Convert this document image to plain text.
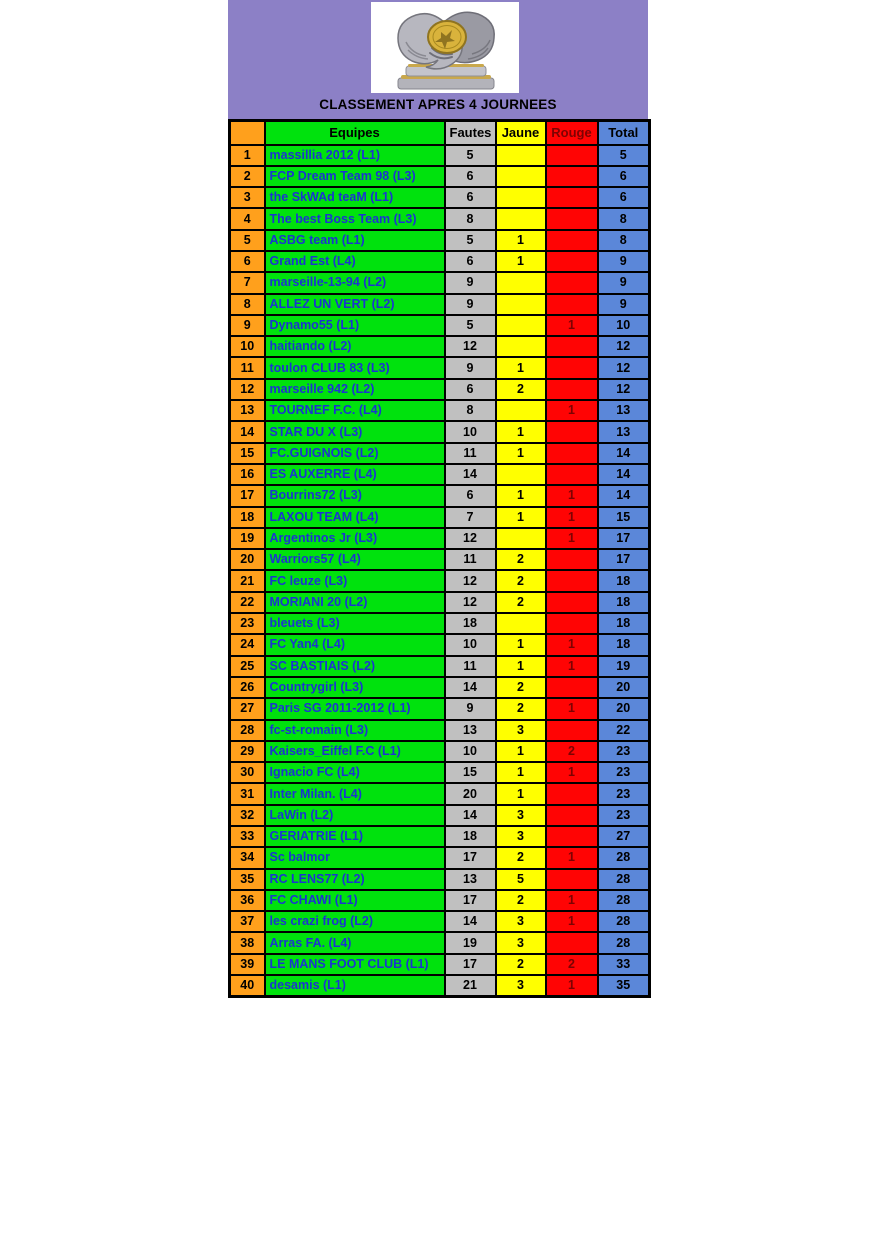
CLASSEMENT APRES 4 JOURNEES
	Equipes	Fautes	Jaune	Rouge	Total
1	massillia 2012 (L1)	5			5
2	FCP Dream Team 98 (L3)	6			6
3	the SkWAd teaM (L1)	6			6
4	The best Boss Team (L3)	8			8
5	ASBG team (L1)	5	1		8
6	Grand Est (L4)	6	1		9
7	marseille-13-94 (L2)	9			9
8	ALLEZ UN VERT (L2)	9			9
9	Dynamo55 (L1)	5		1	10
10	haitiando (L2)	12			12
11	toulon CLUB 83 (L3)	9	1		12
12	marseille 942 (L2)	6	2		12
13	TOURNEF F.C. (L4)	8		1	13
14	STAR DU X (L3)	10	1		13
15	FC.GUIGNOIS (L2)	11	1		14
16	ES AUXERRE (L4)	14			14
17	Bourrins72 (L3)	6	1	1	14
18	LAXOU TEAM (L4)	7	1	1	15
19	Argentinos Jr (L3)	12		1	17
20	Warriors57 (L4)	11	2		17
21	FC leuze (L3)	12	2		18
22	MORIANI 20 (L2)	12	2		18
23	bleuets (L3)	18			18
24	FC Yan4 (L4)	10	1	1	18
25	SC BASTIAIS (L2)	11	1	1	19
26	Countrygirl (L3)	14	2		20
27	Paris SG 2011-2012 (L1)	9	2	1	20
28	fc-st-romain (L3)	13	3		22
29	Kaisers_Eiffel F.C (L1)	10	1	2	23
30	Ignacio FC (L4)	15	1	1	23
31	Inter Milan. (L4)	20	1		23
32	LaWin (L2)	14	3		23
33	GERIATRIE (L1)	18	3		27
34	Sc balmor	17	2	1	28
35	RC LENS77 (L2)	13	5		28
36	FC CHAWI (L1)	17	2	1	28
37	les crazi frog (L2)	14	3	1	28
38	Arras FA. (L4)	19	3		28
39	LE MANS FOOT CLUB (L1)	17	2	2	33
40	desamis (L1)	21	3	1	35
